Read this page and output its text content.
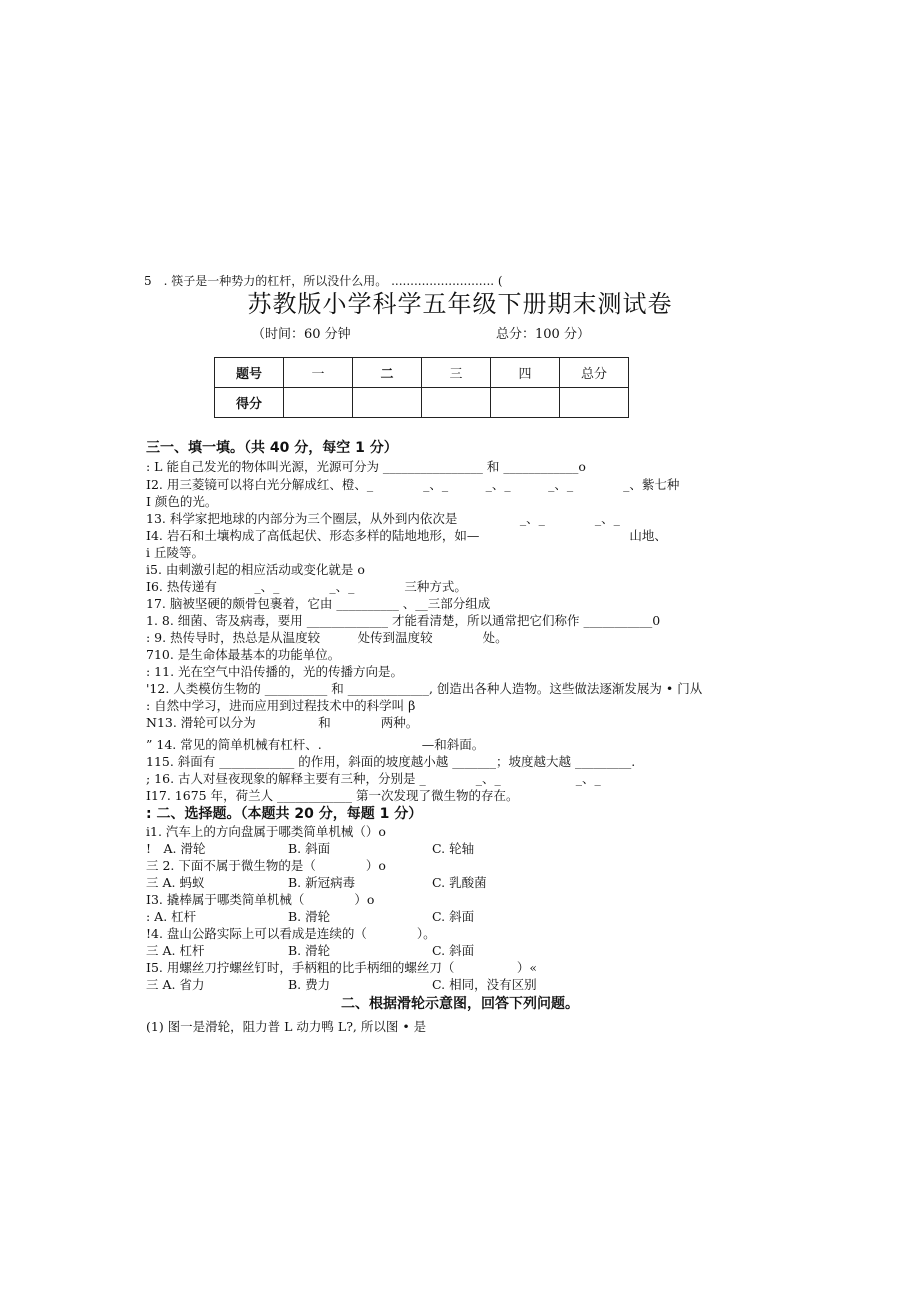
5　. 筷子是一种势力的杠杆，所以没什么用。 ........................... (
苏教版小学科学五年级下册期末测试卷
（时间：60 分钟	总分：100 分）
题号	一	二	三	四	总分
得分					
三一、填一填。（共 40 分，每空 1 分）
: L 能自己发光的物体叫光源，光源可分为 ________________ 和 ____________o
I2. 用三菱镜可以将白光分解成红、橙、_　　　　_、_　　　_、_　　　_、_　　　　_、紫七种
I 颜色的光。
13. 科学家把地球的内部分为三个圈层，从外到内依次是　　　　　_、_　　　　_、_
I4. 岩石和土壤构成了高低起伏、形态多样的陆地地形，如—　　　　　　　　　　　　山地、
i 丘陵等。
i5. 由刺激引起的相应活动或变化就是 o
I6. 热传递有　　　_、_　　　　_、_　　　　三种方式。
17. 脑被坚硬的颇骨包裹着，它由 __________ 、__三部分组成
1. 8. 细菌、寄及病毒，要用 _____________ 才能看清楚，所以通常把它们称作 ___________0
: 9. 热传导时，热总是从温度较　　　处传到温度较　　　　处。
710. 是生命体最基本的功能单位。
: 11. 光在空气中沿传播的，光的传播方向是。
'12. 人类模仿生物的 __________ 和 _____________, 创造出各种人造物。这些做法逐渐发展为 • 门从
: 自然中学习，进而应用到过程技术中的科学叫 β
N13. 滑轮可以分为　　　　　和　　　　两种。
” 14. 常见的简单机械有杠杆、.　　　　　　　　—和斜面。
115. 斜面有 ____________ 的作用，斜面的坡度越小越 _______；坡度越大越 _________.
; 16. 古人对昼夜现象的解释主要有三种，分别是 _　　　　_、_　　　　　　_、_
I17. 1675 年，荷兰人 ____________ 第一次发现了微生物的存在。
: 二、选择题。（本题共 20 分，每题 1 分）
i1. 汽车上的方向盘属于哪类简单机械（）o
!　A. 滑轮	B. 斜面	C. 轮轴
三 2. 下面不属于微生物的是（　　　　）o
三 A. 蚂蚁	B. 新冠病毒	C. 乳酸菌
I3. 撬棒属于哪类简单机械（　　　　）o
: A. 杠杆	B. 滑轮	C. 斜面
!4. 盘山公路实际上可以看成是连续的（　　　　）。
三 A. 杠杆	B. 滑轮	C. 斜面
I5. 用螺丝刀拧螺丝钉时，手柄粗的比手柄细的螺丝刀（　　　　　）«
三 A. 省力	B. 费力	C. 相同，没有区别
二、根据滑轮示意图，回答下列问题。
(1) 图一是滑轮，阻力普 L 动力鸭 L?, 所以图 • 是
